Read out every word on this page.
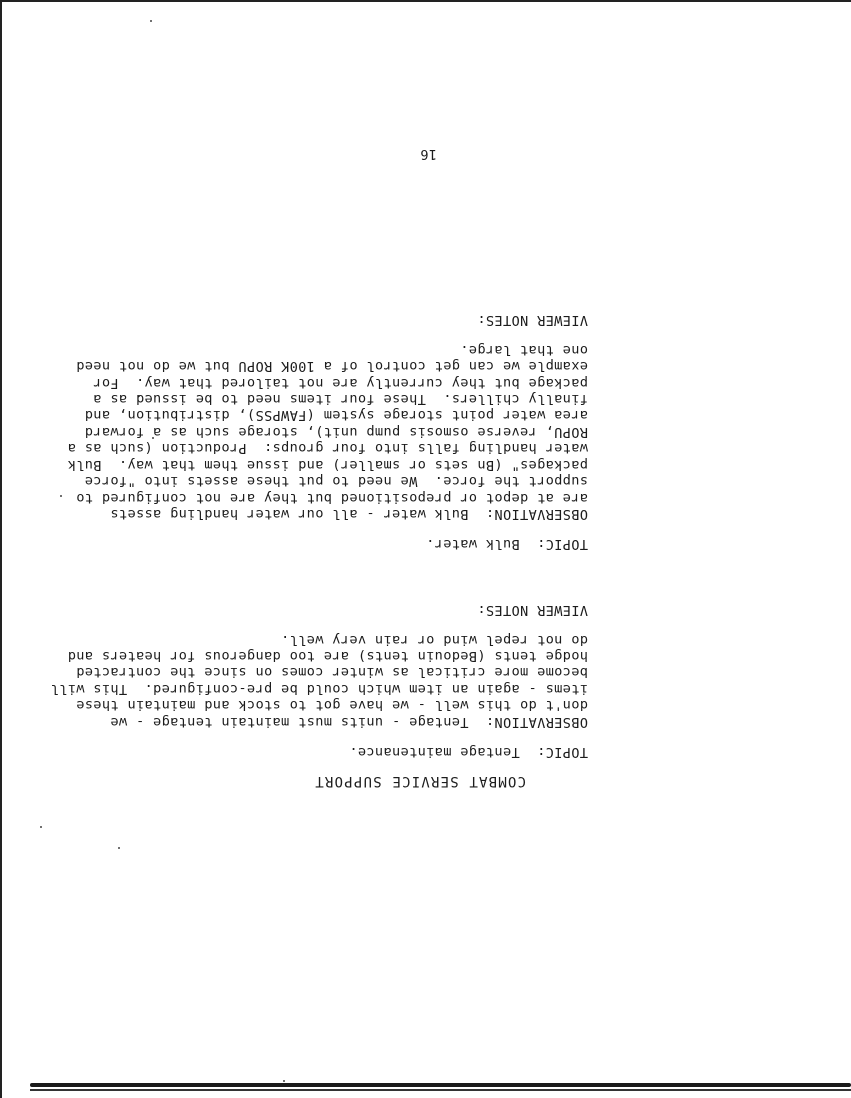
16
COMBAT SERVICE SUPPORT
TOPIC:  Tentage maintenance.
OBSERVATION:  Tentage - units must maintain tentage - we
don't do this well - we have got to stock and maintain these
items - again an item which could be pre-configured.  This will
become more critical as winter comes on since the contracted
hodge tents (Bedouin tents) are too dangerous for heaters and
do not repel wind or rain very well.
VIEWER NOTES:
TOPIC:  Bulk water.
OBSERVATION:  Bulk water - all our water handling assets
are at depot or prepositioned but they are not configured to
support the force.  We need to put these assets into "force
packages" (Bn sets or smaller) and issue them that way.  Bulk
water handling falls into four groups:  Production (such as a
ROPU, reverse osmosis pump unit), storage such as a forward
area water point storage system (FAWPSS), distribution, and
finally chillers.  These four items need to be issued as a
package but they currently are not tailored that way.  For
example we can get control of a 100K ROPU but we do not need
one that large.
VIEWER NOTES:
